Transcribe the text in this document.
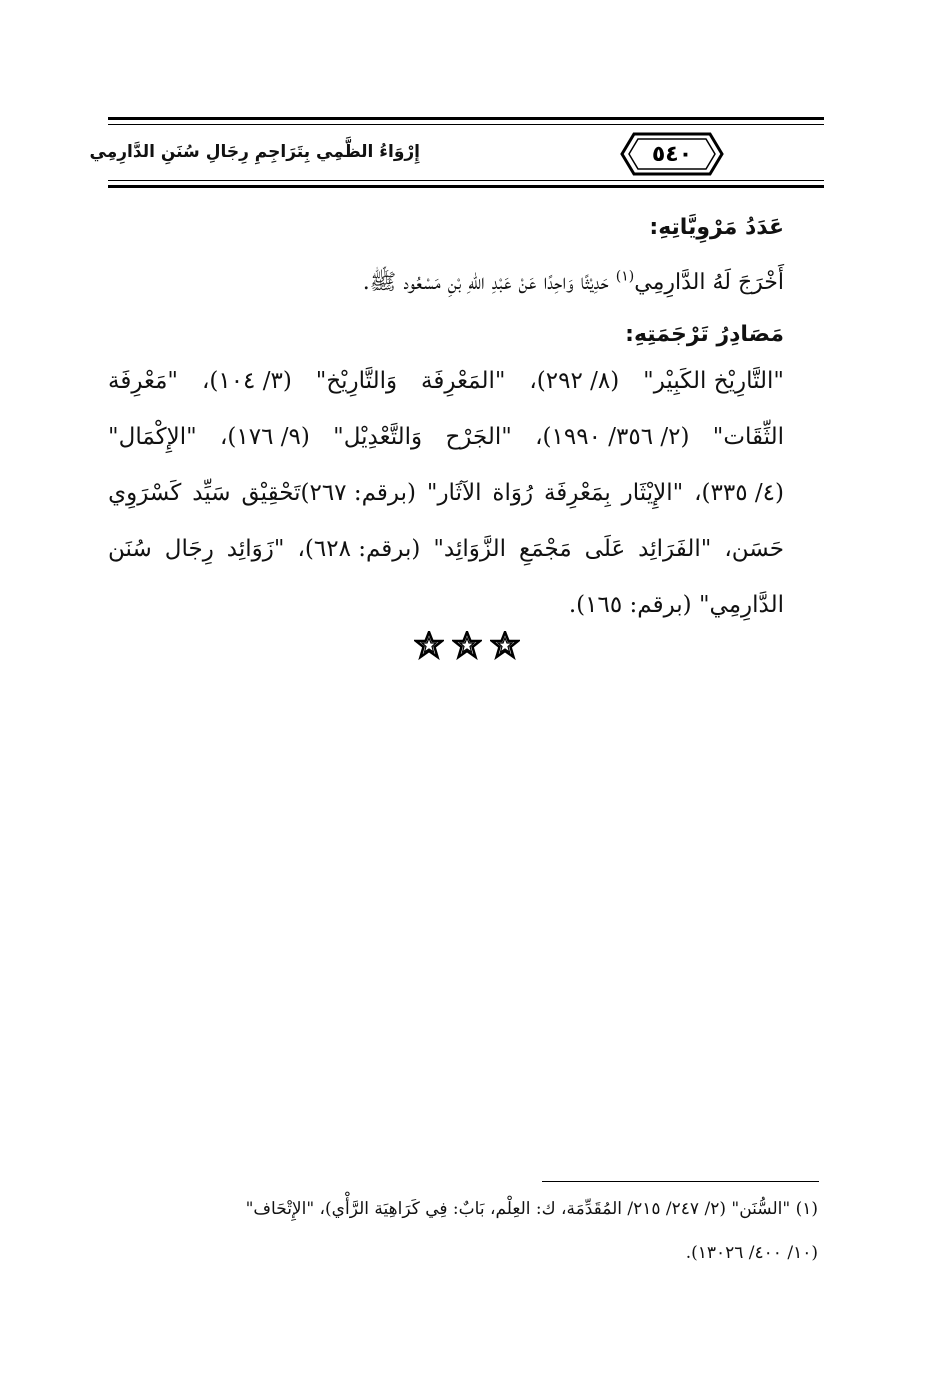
٥٤٠
إِرْوَاءُ الظَّمِي بِتَرَاجِمِ رِجَالِ سُنَنِ الدَّارِمِي
عَدَدُ مَرْوِيَّاتِهِ:
أَخْرَجَ لَهُ الدَّارِمِي$^{(١)}$ حَدِيْثًا وَاحِدًا عَنْ عَبْدِ اللهِ بْنِ مَسْعُود ﷺ.
مَصَادِرُ تَرْجَمَتِهِ:
"التَّارِيْخ الكَبِيْر"
(٨/ ٢٩٢)،
"المَعْرِفَة
وَالتَّارِيْخ"
(٣/ ١٠٤)،
"مَعْرِفَة
الثِّقَات"
(٢/ ٣٥٦/ ١٩٩٠)،
"الجَرْح
وَالتَّعْدِيْل"
(٩/ ١٧٦)،
"الإِكْمَال"
(٤/ ٣٣٥)،
"الإِيْثَار
بِمَعْرِفَة
رُوَاة
الآثَار"
(برقم: ٢٦٧)تَحْقِيْق
سَيِّد
كَسْرَوِي
حَسَن،
"الفَرَائِد
عَلَى
مَجْمَعِ
الزَّوَائِد"
(برقم: ٦٢٨)،
"زَوَائِد
رِجَال
سُنَن
الدَّارِمِي" (برقم: ١٦٥).
(١) "السُّنَن" (٢/ ٢٤٧/ ٢١٥/ المُقَدِّمَة، ك: العِلْم، بَابٌ: فِي كَرَاهِيَة الرَّأْي)، "الإِتْحَاف"
(١٠/ ٤٠٠/ ١٣٠٢٦).
